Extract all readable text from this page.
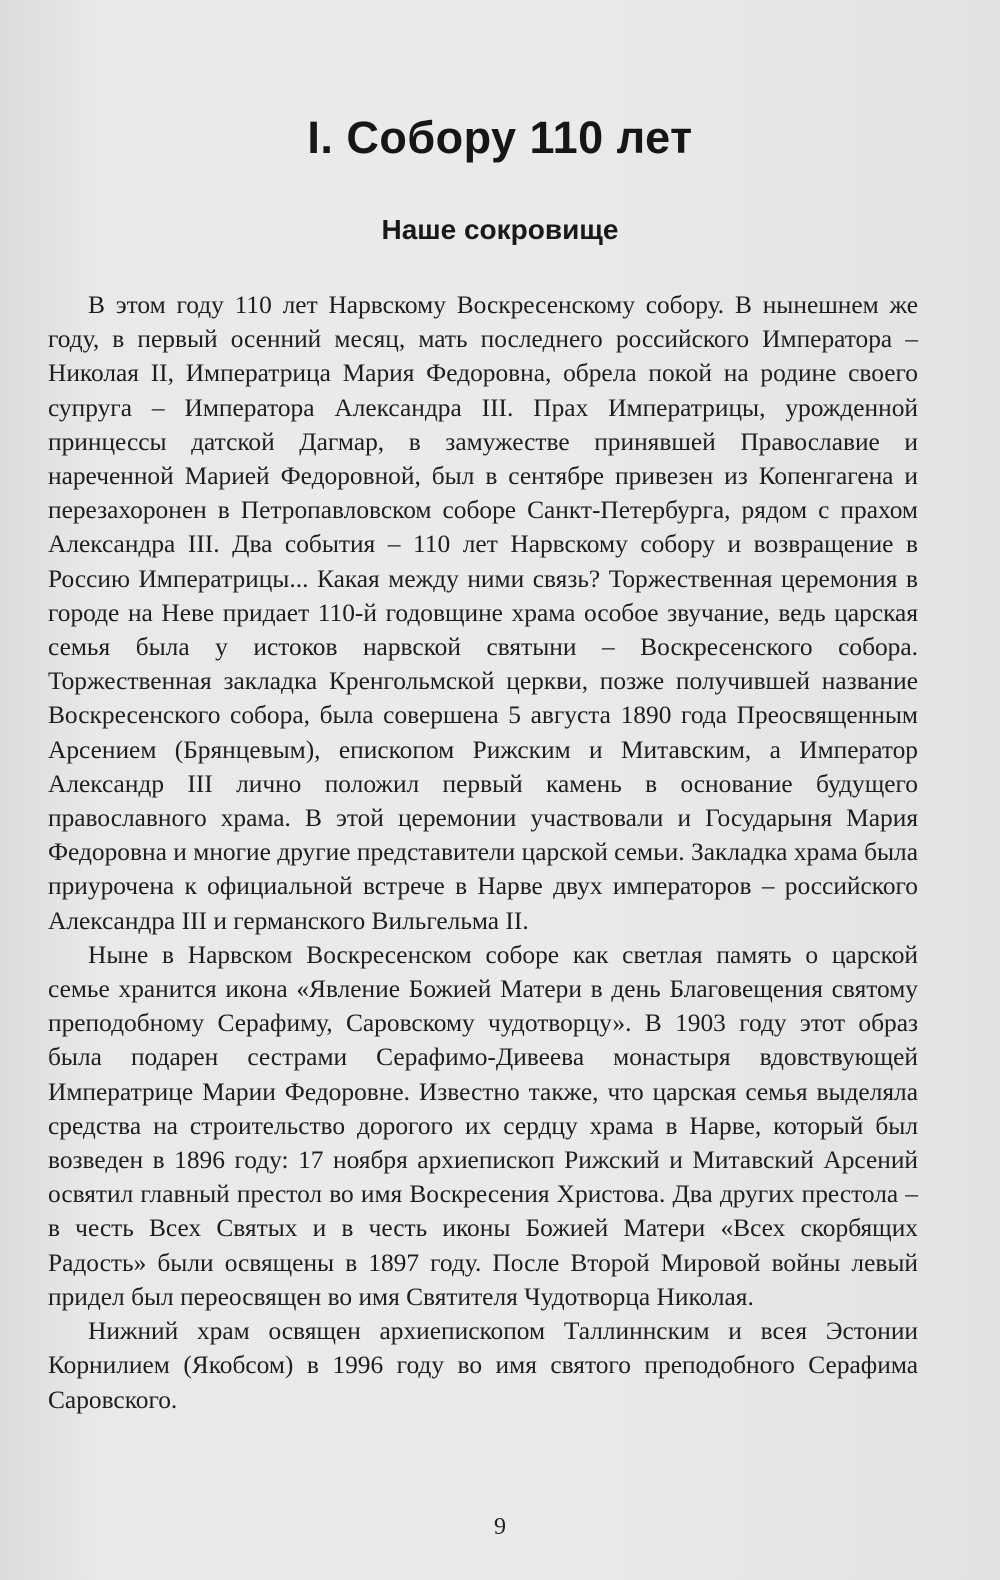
I. Собору 110 лет
Наше сокровище

В этом году 110 лет Нарвскому Воскресенскому собору. В нынешнем же году, в первый осенний месяц, мать последнего российского Императора – Николая II, Императрица Мария Федоровна, обрела покой на родине своего супруга – Императора Александра III. Прах Императрицы, урожденной принцессы датской Дагмар, в замужестве принявшей Православие и нареченной Марией Федоровной, был в сентябре привезен из Копенгагена и перезахоронен в Петропавловском соборе Санкт-Петербурга, рядом с прахом Александра III. Два события – 110 лет Нарвскому собору и возвращение в Россию Императрицы... Какая между ними связь? Торжественная церемония в городе на Неве придает 110-й годовщине храма особое звучание, ведь царская семья была у истоков нарвской святыни – Воскресенского собора. Торжественная закладка Кренгольмской церкви, позже получившей название Воскресенского собора, была совершена 5 августа 1890 года Преосвященным Арсением (Брянцевым), епископом Рижским и Митавским, а Император Александр III лично положил первый камень в основание будущего православного храма. В этой церемонии участвовали и Государыня Мария Федоровна и многие другие представители царской семьи. Закладка храма была приурочена к официальной встрече в Нарве двух императоров – российского Александра III и германского Вильгельма II.

Ныне в Нарвском Воскресенском соборе как светлая память о царской семье хранится икона «Явление Божией Матери в день Благовещения святому преподобному Серафиму, Саровскому чудотворцу». В 1903 году этот образ была подарен сестрами Серафимо-Дивеева монастыря вдовствующей Императрице Марии Федоровне. Известно также, что царская семья выделяла средства на строительство дорогого их сердцу храма в Нарве, который был возведен в 1896 году: 17 ноября архиепископ Рижский и Митавский Арсений освятил главный престол во имя Воскресения Христова. Два других престола – в честь Всех Святых и в честь иконы Божией Матери «Всех скорбящих Радость» были освящены в 1897 году. После Второй Мировой войны левый придел был переосвящен во имя Святителя Чудотворца Николая.

Нижний храм освящен архиепископом Таллиннским и всея Эстонии Корнилием (Якобсом) в 1996 году во имя святого преподобного Серафима Саровского.

9
